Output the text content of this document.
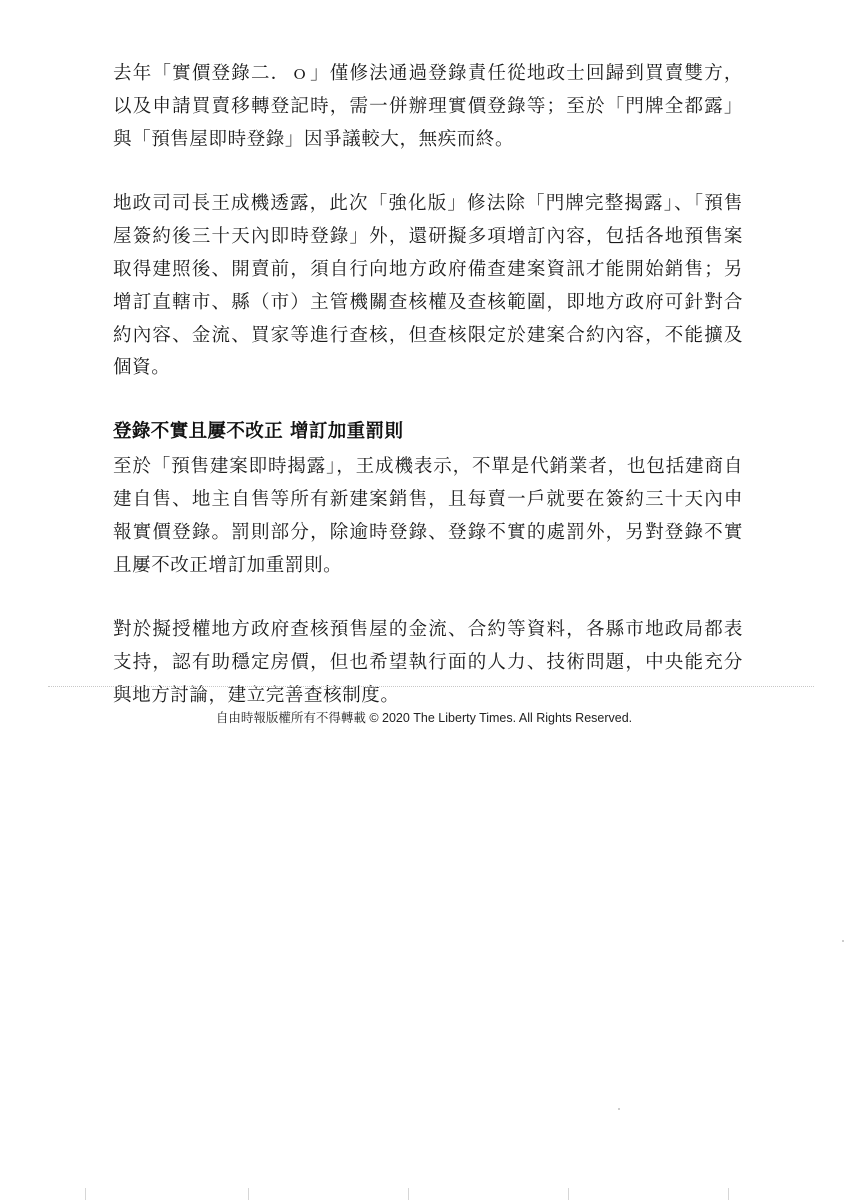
去年「實價登錄二．ｏ」僅修法通過登錄責任從地政士回歸到買賣雙方，以及申請買賣移轉登記時，需一併辦理實價登錄等；至於「門牌全都露」與「預售屋即時登錄」因爭議較大，無疾而終。

地政司司長王成機透露，此次「強化版」修法除「門牌完整揭露」、「預售屋簽約後三十天內即時登錄」外，還研擬多項增訂內容，包括各地預售案取得建照後、開賣前，須自行向地方政府備查建案資訊才能開始銷售；另增訂直轄市、縣（市）主管機關查核權及查核範圍，即地方政府可針對合約內容、金流、買家等進行查核，但查核限定於建案合約內容，不能擴及個資。

登錄不實且屢不改正 增訂加重罰則

至於「預售建案即時揭露」，王成機表示，不單是代銷業者，也包括建商自建自售、地主自售等所有新建案銷售，且每賣一戶就要在簽約三十天內申報實價登錄。罰則部分，除逾時登錄、登錄不實的處罰外，另對登錄不實且屢不改正增訂加重罰則。

對於擬授權地方政府查核預售屋的金流、合約等資料，各縣市地政局都表支持，認有助穩定房價，但也希望執行面的人力、技術問題，中央能充分與地方討論，建立完善查核制度。

自由時報版權所有不得轉載 © 2020 The Liberty Times. All Rights Reserved.
